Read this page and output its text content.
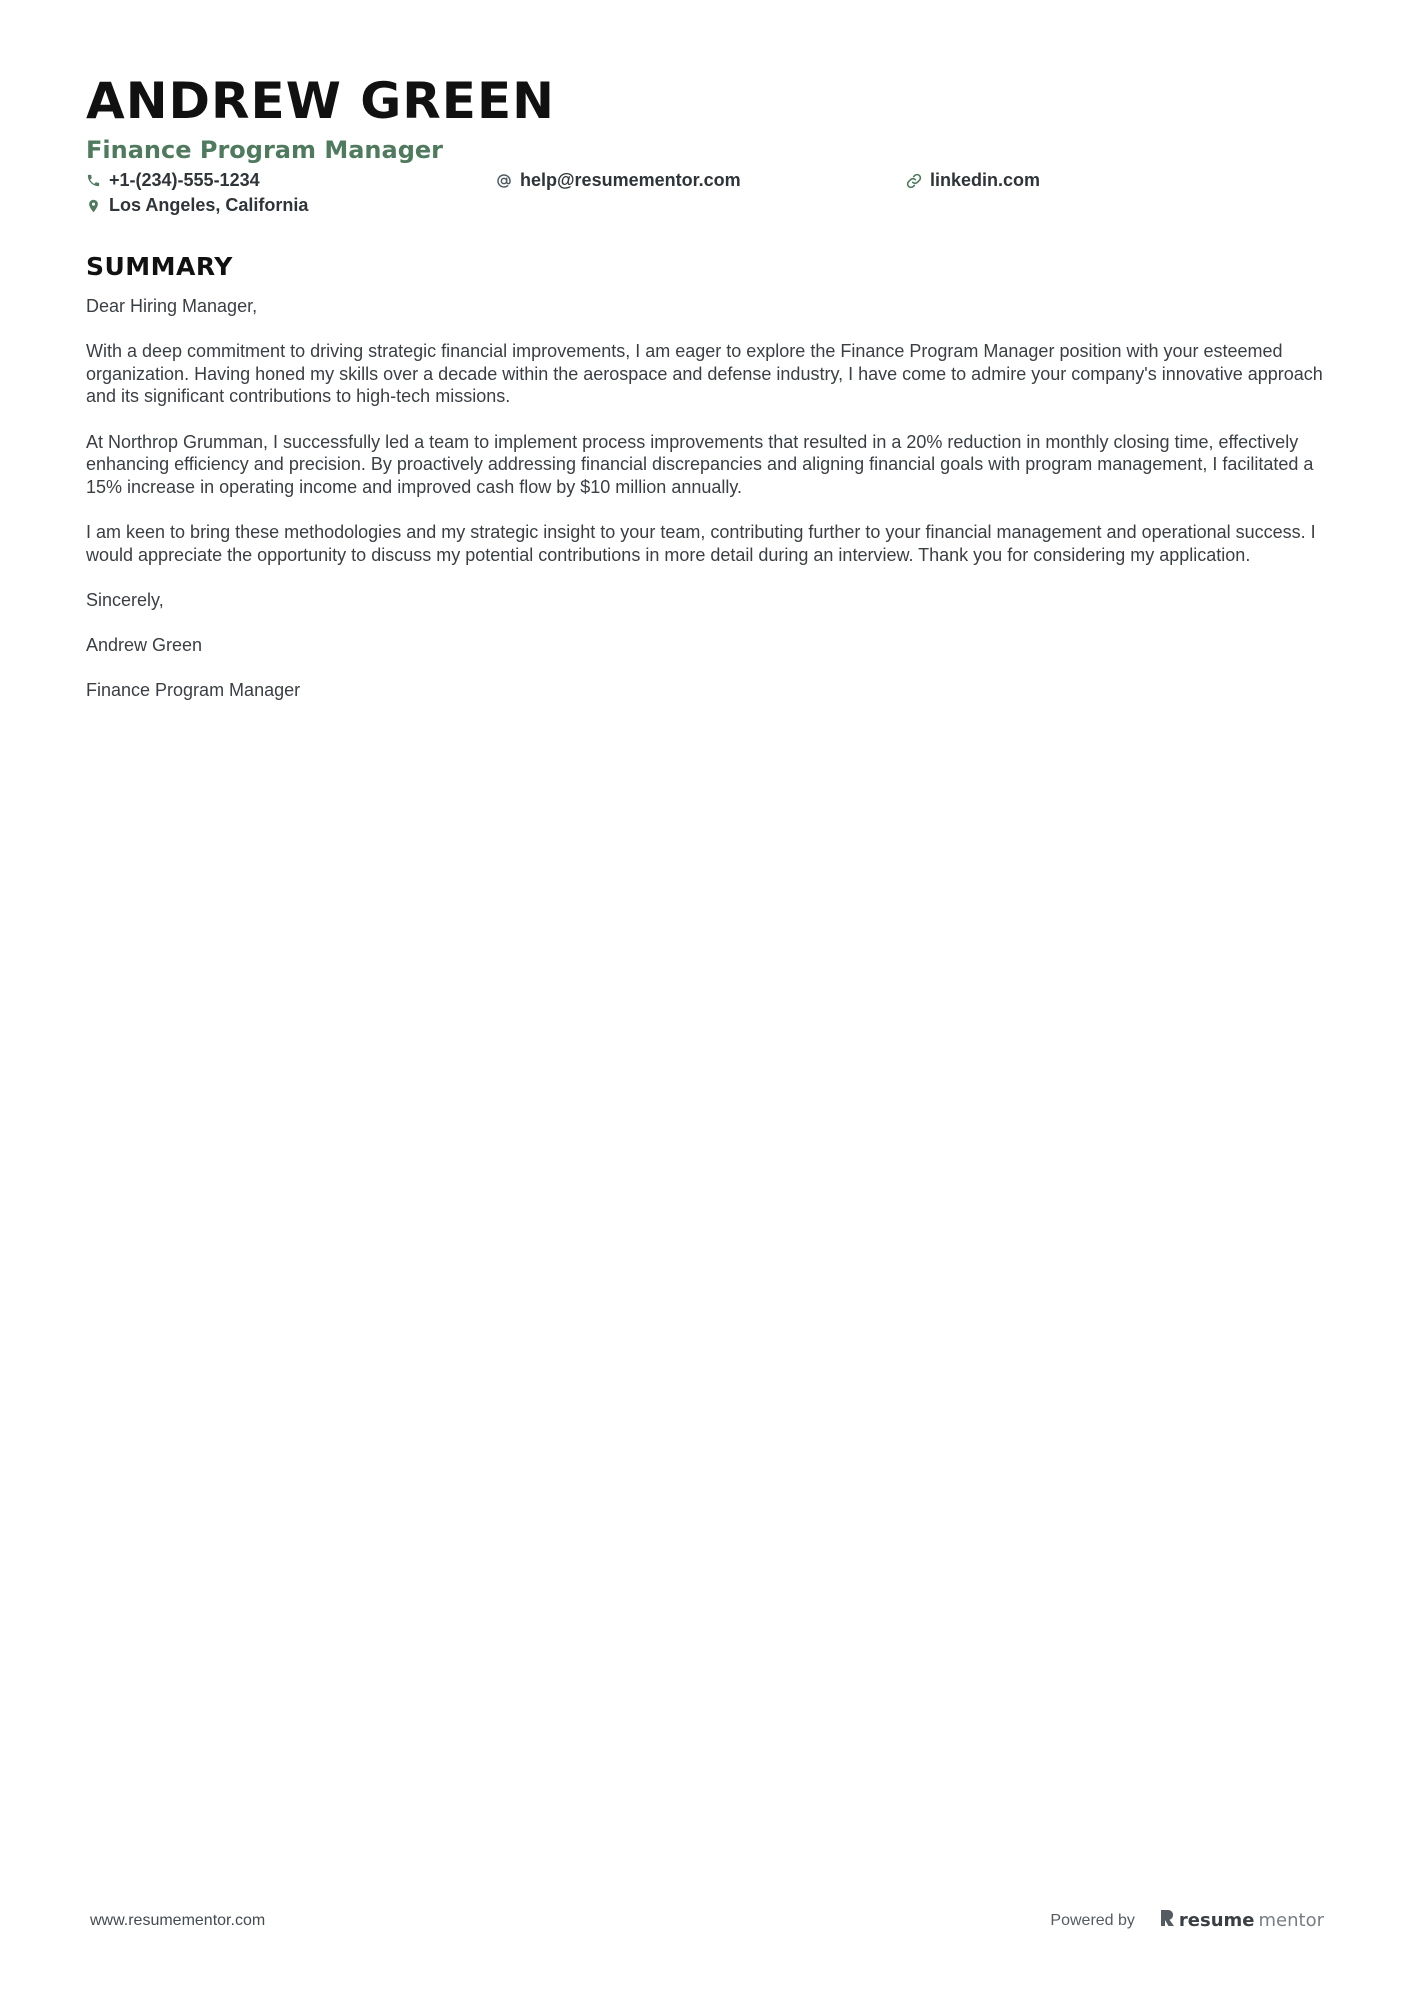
ANDREW GREEN
Finance Program Manager
+1-(234)-555-1234	help@resumementor.com	linkedin.com
Los Angeles, California
SUMMARY

Dear Hiring Manager,

With a deep commitment to driving strategic financial improvements, I am eager to explore the Finance Program Manager position with your esteemed organization. Having honed my skills over a decade within the aerospace and defense industry, I have come to admire your company's innovative approach and its significant contributions to high-tech missions.

At Northrop Grumman, I successfully led a team to implement process improvements that resulted in a 20% reduction in monthly closing time, effectively enhancing efficiency and precision. By proactively addressing financial discrepancies and aligning financial goals with program management, I facilitated a 15% increase in operating income and improved cash flow by $10 million annually.

I am keen to bring these methodologies and my strategic insight to your team, contributing further to your financial management and operational success. I would appreciate the opportunity to discuss my potential contributions in more detail during an interview. Thank you for considering my application.

Sincerely,

Andrew Green

Finance Program Manager

www.resumementor.com	Powered by resume mentor
